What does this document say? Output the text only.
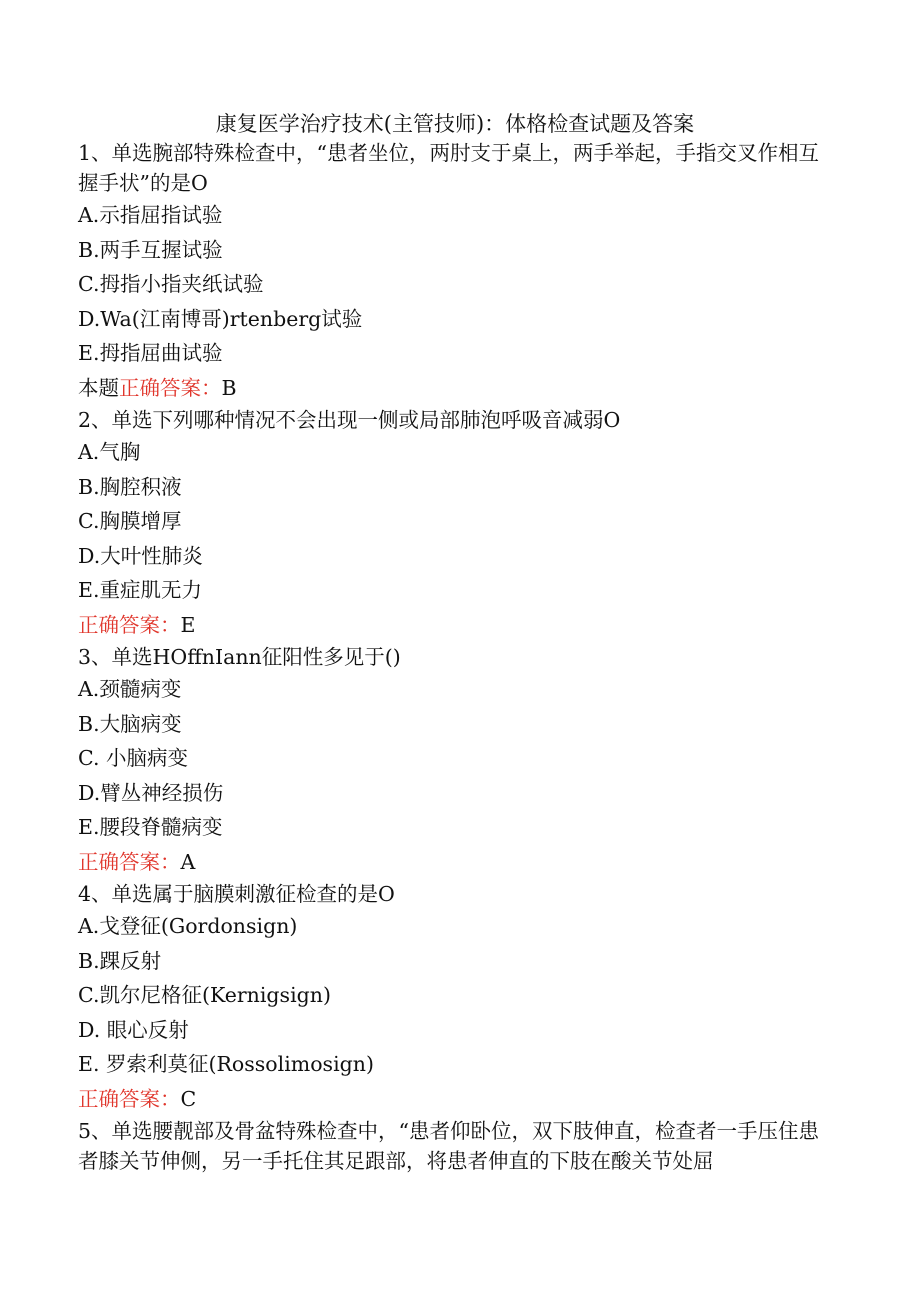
康复医学治疗技术(主管技师)：体格检查试题及答案

1、单选腕部特殊检查中，“患者坐位，两肘支于桌上，两手举起，手指交叉作相互握手状”的是O

A.示指屈指试验

B.两手互握试验

C.拇指小指夹纸试验

D.Wa(江南博哥)rtenberg试验

E.拇指屈曲试验

本题正确答案：B

2、单选下列哪种情况不会出现一侧或局部肺泡呼吸音减弱O

A.气胸

B.胸腔积液

C.胸膜增厚

D.大叶性肺炎

E.重症肌无力

正确答案：E

3、单选HOffnIann征阳性多见于()

A.颈髓病变

B.大脑病变

C. 小脑病变

D.臂丛神经损伤

E.腰段脊髓病变

正确答案：A

4、单选属于脑膜刺激征检查的是O

A.戈登征(Gordonsign)

B.踝反射

C.凯尔尼格征(Kernigsign)

D. 眼心反射

E. 罗索利莫征(Rossolimosign)

正确答案：C

5、单选腰靓部及骨盆特殊检查中，“患者仰卧位，双下肢伸直，检查者一手压住患者膝关节伸侧，另一手托住其足跟部，将患者伸直的下肢在酸关节处屈
